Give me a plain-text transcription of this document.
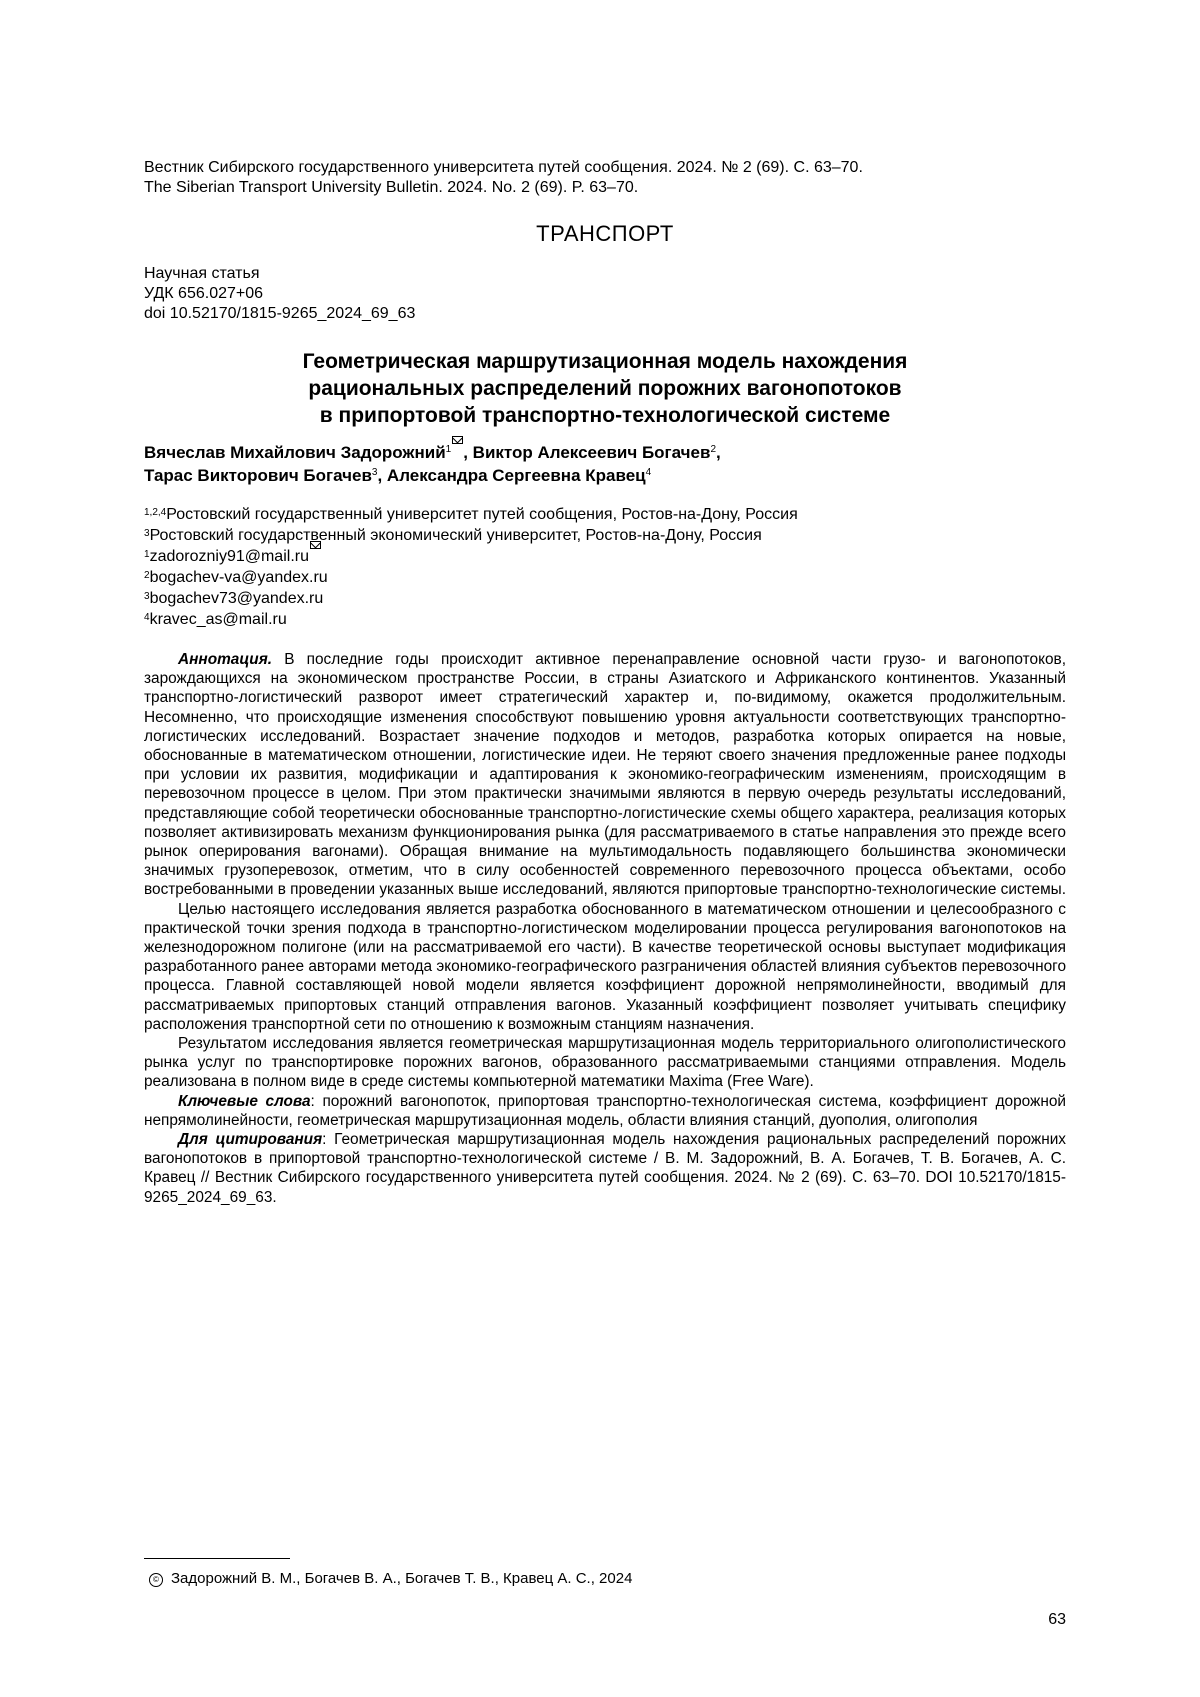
Вестник Сибирского государственного университета путей сообщения. 2024. № 2 (69). С. 63–70.
The Siberian Transport University Bulletin. 2024. No. 2 (69). P. 63–70.
ТРАНСПОРТ
Научная статья
УДК 656.027+06
doi 10.52170/1815-9265_2024_69_63
Геометрическая маршрутизационная модель нахождения
рациональных распределений порожних вагонопотоков
в припортовой транспортно-технологической системе
Вячеслав Михайлович Задорожний$^1$ , Виктор Алексеевич Богачев$^2$,
Тарас Викторович Богачев$^3$, Александра Сергеевна Кравец$^4$
$^{1,2,4}$Ростовский государственный университет путей сообщения, Ростов-на-Дону, Россия
$^3$Ростовский государственный экономический университет, Ростов-на-Дону, Россия
$^1$zadorozniy91@mail.ru
$^2$bogachev-va@yandex.ru
$^3$bogachev73@yandex.ru
$^4$kravec_as@mail.ru

Аннотация. В последние годы происходит активное перенаправление основной части грузо- и вагонопотоков, зарождающихся на экономическом пространстве России, в страны Азиатского и Африканского континентов. Указанный транспортно-логистический разворот имеет стратегический характер и, по-видимому, окажется продолжительным. Несомненно, что происходящие изменения способствуют повышению уровня актуальности соответствующих транспортно-логистических исследований. Возрастает значение подходов и методов, разработка которых опирается на новые, обоснованные в математическом отношении, логистические идеи. Не теряют своего значения предложенные ранее подходы при условии их развития, модификации и адаптирования к экономико-географическим изменениям, происходящим в перевозочном процессе в целом. При этом практически значимыми являются в первую очередь результаты исследований, представляющие собой теоретически обоснованные транспортно-логистические схемы общего характера, реализация которых позволяет активизировать механизм функционирования рынка (для рассматриваемого в статье направления это прежде всего рынок оперирования вагонами). Обращая внимание на мультимодальность подавляющего большинства экономически значимых грузоперевозок, отметим, что в силу особенностей современного перевозочного процесса объектами, особо востребованными в проведении указанных выше исследований, являются припортовые транспортно-технологические системы.

Целью настоящего исследования является разработка обоснованного в математическом отношении и целесообразного с практической точки зрения подхода в транспортно-логистическом моделировании процесса регулирования вагонопотоков на железнодорожном полигоне (или на рассматриваемой его части). В качестве теоретической основы выступает модификация разработанного ранее авторами метода экономико-географического разграничения областей влияния субъектов перевозочного процесса. Главной составляющей новой модели является коэффициент дорожной непрямолинейности, вводимый для рассматриваемых припортовых станций отправления вагонов. Указанный коэффициент позволяет учитывать специфику расположения транспортной сети по отношению к возможным станциям назначения.

Результатом исследования является геометрическая маршрутизационная модель территориального олигополистического рынка услуг по транспортировке порожних вагонов, образованного рассматриваемыми станциями отправления. Модель реализована в полном виде в среде системы компьютерной математики Maxima (Free Ware).

Ключевые слова: порожний вагонопоток, припортовая транспортно-технологическая система, коэффициент дорожной непрямолинейности, геометрическая маршрутизационная модель, области влияния станций, дуополия, олигополия

Для цитирования: Геометрическая маршрутизационная модель нахождения рациональных распределений порожних вагонопотоков в припортовой транспортно-технологической системе / В. М. Задорожний, В. А. Богачев, Т. В. Богачев, А. С. Кравец // Вестник Сибирского государственного университета путей сообщения. 2024. № 2 (69). С. 63–70. DOI 10.52170/1815-9265_2024_69_63.

© Задорожний В. М., Богачев В. А., Богачев Т. В., Кравец А. С., 2024
63
